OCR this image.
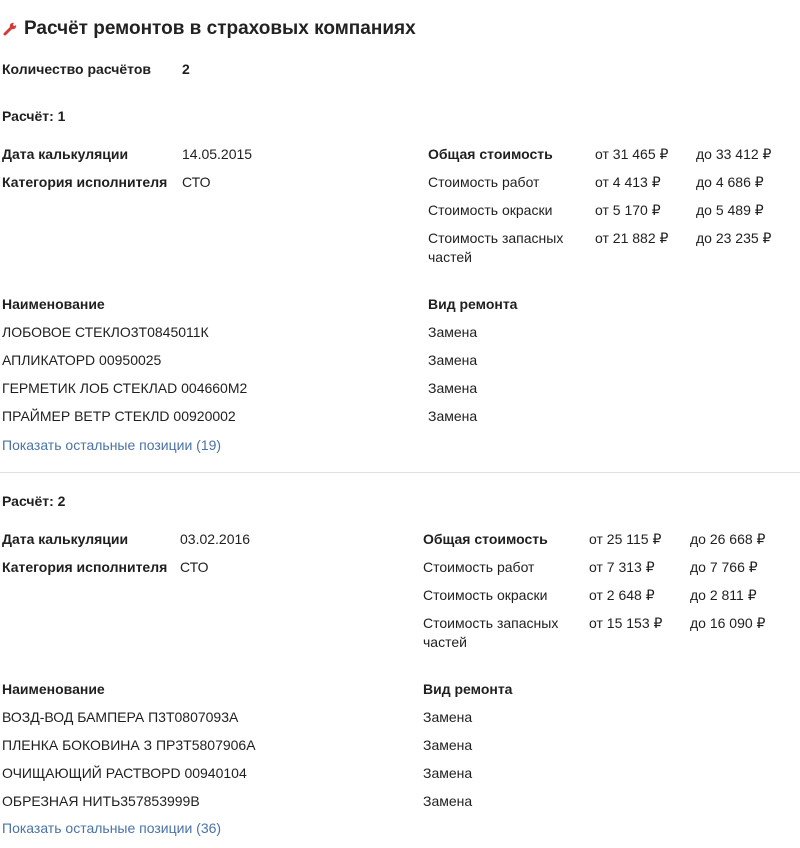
Расчёт ремонтов в страховых компаниях
Количество расчётов 2
Расчёт: 1
Дата калькуляции	14.05.2015
Категория исполнителя СТО
Общая стоимость	от 31 465 ₽ до 33 412 ₽
Стоимость работ	от 4 413 ₽	до 4 686 ₽
Стоимость окраски	от 5 170 ₽	до 5 489 ₽
Стоимость запасных частей
от 21 882 ₽ до 23 235 ₽
Наименование	Вид ремонта
ЛОБОВОЕ СТЕКЛО3Т0845011К	Замена
АПЛИКАТОРD 00950025	Замена
ГЕРМЕТИК ЛОБ СТЕКЛAD 004660M2	Замена
ПРАЙМЕР ВЕТР СТЕКЛD 00920002	Замена
Показать остальные позиции (19)
Расчёт: 2
Дата калькуляции	03.02.2016
Категория исполнителя СТО
Общая стоимость	от 25 115 ₽ до 26 668 ₽
Стоимость работ	от 7 313 ₽	до 7 766 ₽
Стоимость окраски	от 2 648 ₽	до 2 811 ₽
Стоимость запасных частей
от 15 153 ₽ до 16 090 ₽
Наименование	Вид ремонта
ВОЗД-ВОД БАМПЕРА П3Т0807093А	Замена
ПЛЕНКА БОКОВИНА З ПР3Т5807906А	Замена
ОЧИЩАЮЩИЙ РАСТВОРD 00940104	Замена
ОБРЕЗНАЯ НИТЬ357853999В	Замена
Показать остальные позиции (36)
